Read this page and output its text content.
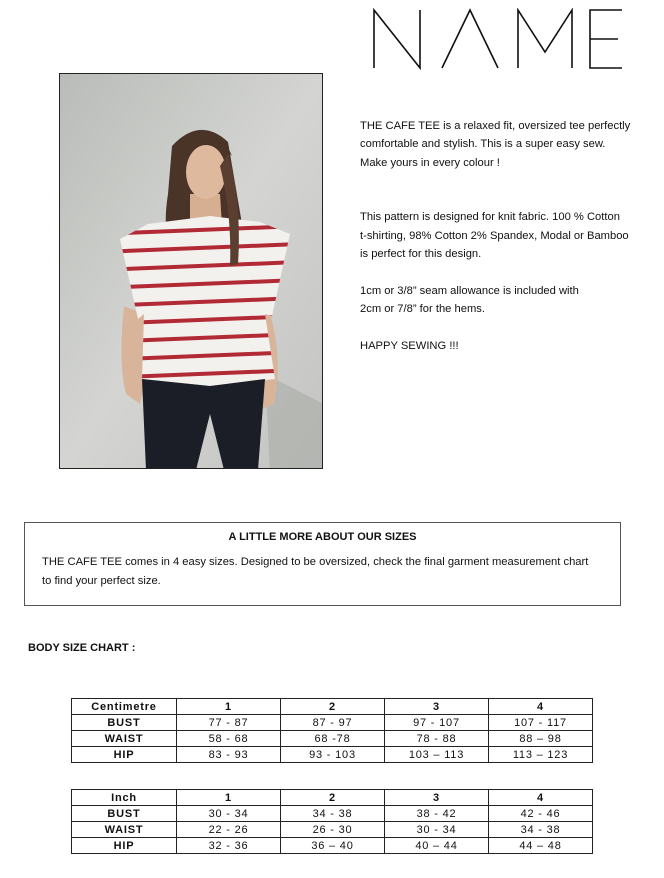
THE CAFE TEE is a relaxed fit, oversized tee perfectly

comfortable and stylish. This is a super easy sew.

Make yours in every colour !

This pattern is designed for knit fabric. 100 % Cotton

t-shirting, 98% Cotton 2% Spandex, Modal or Bamboo

is perfect for this design.

1cm or 3/8” seam allowance is included with

2cm or 7/8” for the hems.

HAPPY SEWING !!!

A LITTLE MORE ABOUT OUR SIZES
THE CAFE TEE comes in 4 easy sizes. Designed to be oversized, check the final garment measurement chart
to find your perfect size.
BODY SIZE CHART :
Centimetre	1	2	3	4
BUST	77 - 87	87 - 97	97 - 107	107 - 117
WAIST	58 - 68	68 -78	78 - 88	88 – 98
HIP	83 - 93	93 - 103	103 – 113	113 – 123
Inch	1	2	3	4
BUST	30 - 34	34 - 38	38 - 42	42 - 46
WAIST	22 - 26	26 - 30	30 - 34	34 - 38
HIP	32 - 36	36 – 40	40 – 44	44 – 48
